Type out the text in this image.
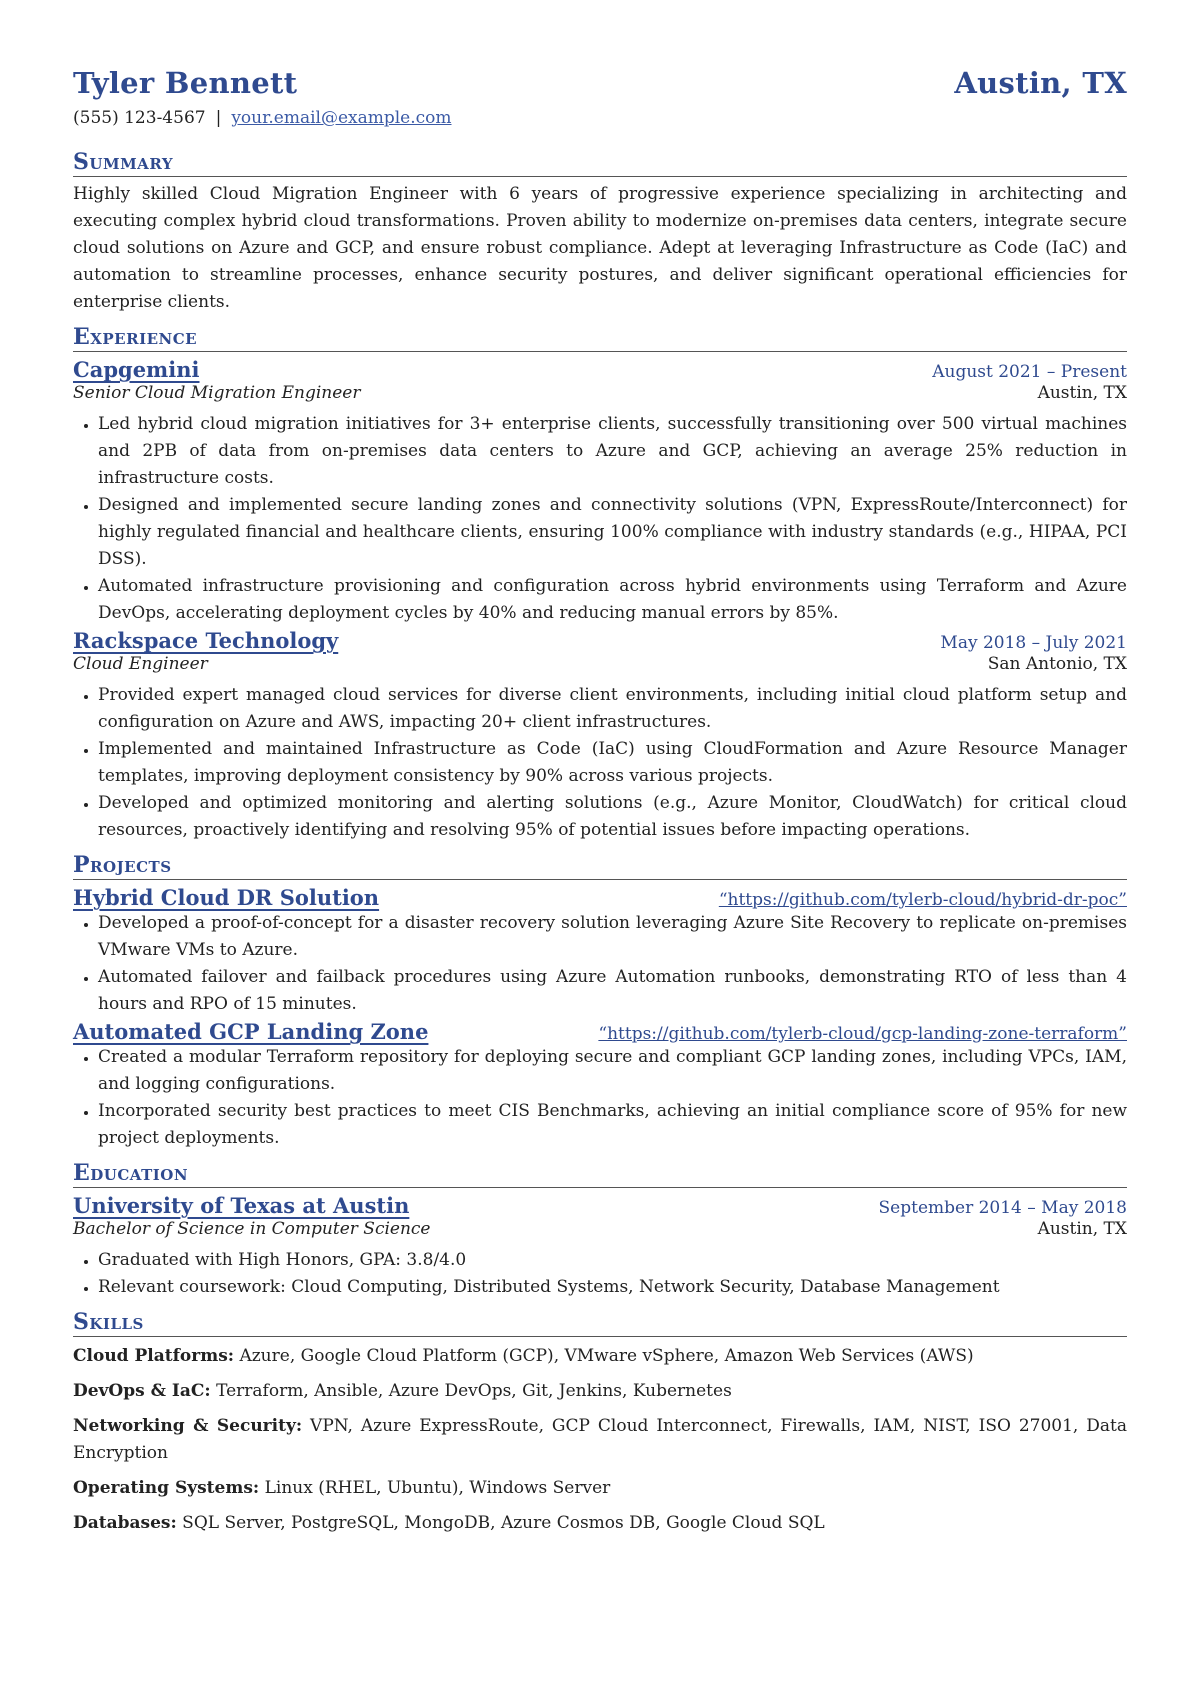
Tyler Bennett	Austin, TX
(555) 123-4567 | your.email@example.com
Summary

Highly skilled Cloud Migration Engineer with 6 years of progressive experience specializing in architecting and executing complex hybrid cloud transformations. Proven ability to modernize on-premises data centers, integrate secure cloud solutions on Azure and GCP, and ensure robust compliance. Adept at leveraging Infrastructure as Code (IaC) and automation to streamline processes, enhance security postures, and deliver significant operational efficiencies for enterprise clients.

Experience
Capgemini	August 2021 – Present
Senior Cloud Migration Engineer	Austin, TX
• Led hybrid cloud migration initiatives for 3+ enterprise clients, successfully transitioning over 500 virtual machines and 2PB of data from on-premises data centers to Azure and GCP, achieving an average 25% reduction in infrastructure costs.
• Designed and implemented secure landing zones and connectivity solutions (VPN, ExpressRoute/Interconnect) for highly regulated financial and healthcare clients, ensuring 100% compliance with industry standards (e.g., HIPAA, PCI DSS).
• Automated infrastructure provisioning and configuration across hybrid environments using Terraform and Azure DevOps, accelerating deployment cycles by 40% and reducing manual errors by 85%.
Rackspace Technology	May 2018 – July 2021
Cloud Engineer	San Antonio, TX
• Provided expert managed cloud services for diverse client environments, including initial cloud platform setup and configuration on Azure and AWS, impacting 20+ client infrastructures.
• Implemented and maintained Infrastructure as Code (IaC) using CloudFormation and Azure Resource Manager templates, improving deployment consistency by 90% across various projects.
• Developed and optimized monitoring and alerting solutions (e.g., Azure Monitor, CloudWatch) for critical cloud resources, proactively identifying and resolving 95% of potential issues before impacting operations.
Projects
Hybrid Cloud DR Solution	“https://github.com/tylerb-cloud/hybrid-dr-poc”
• Developed a proof-of-concept for a disaster recovery solution leveraging Azure Site Recovery to replicate on-premises VMware VMs to Azure.
• Automated failover and failback procedures using Azure Automation runbooks, demonstrating RTO of less than 4 hours and RPO of 15 minutes.
Automated GCP Landing Zone	“https://github.com/tylerb-cloud/gcp-landing-zone-terraform”
• Created a modular Terraform repository for deploying secure and compliant GCP landing zones, including VPCs, IAM, and logging configurations.
• Incorporated security best practices to meet CIS Benchmarks, achieving an initial compliance score of 95% for new project deployments.
Education
University of Texas at Austin	September 2014 – May 2018
Bachelor of Science in Computer Science	Austin, TX
• Graduated with High Honors, GPA: 3.8/4.0
• Relevant coursework: Cloud Computing, Distributed Systems, Network Security, Database Management
Skills

Cloud Platforms: Azure, Google Cloud Platform (GCP), VMware vSphere, Amazon Web Services (AWS)

DevOps & IaC: Terraform, Ansible, Azure DevOps, Git, Jenkins, Kubernetes

Networking & Security: VPN, Azure ExpressRoute, GCP Cloud Interconnect, Firewalls, IAM, NIST, ISO 27001, Data Encryption

Operating Systems: Linux (RHEL, Ubuntu), Windows Server

Databases: SQL Server, PostgreSQL, MongoDB, Azure Cosmos DB, Google Cloud SQL
